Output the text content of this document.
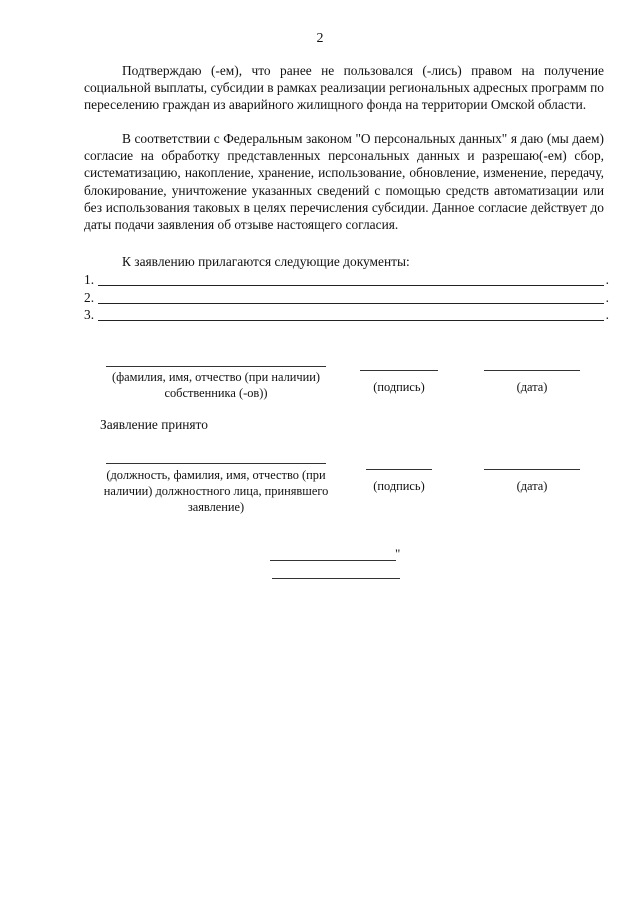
2

Подтверждаю (-ем), что ранее не пользовался (-лись) правом на получение социальной выплаты, субсидии в рамках реализации региональных адресных программ по переселению граждан из аварийного жилищного фонда на территории Омской области.

В соответствии с Федеральным законом "О персональных данных" я даю (мы даем) согласие на обработку представленных персональных данных и разрешаю(-ем) сбор, систематизацию, накопление, хранение, использование, обновление, изменение, передачу, блокирование, уничтожение указанных сведений с помощью средств автоматизации или без использования таковых в целях перечисления субсидии. Данное согласие действует до даты подачи заявления об отзыве настоящего согласия.

К заявлению прилагаются следующие документы:
1.	.
2.	.
3.	.
(фамилия, имя, отчество (при наличии) собственника (-ов))	(подпись)	(дата)
Заявление принято
(должность, фамилия, имя, отчество (при наличии) должностного лица, принявшего заявление)
(подпись)	(дата)
"
